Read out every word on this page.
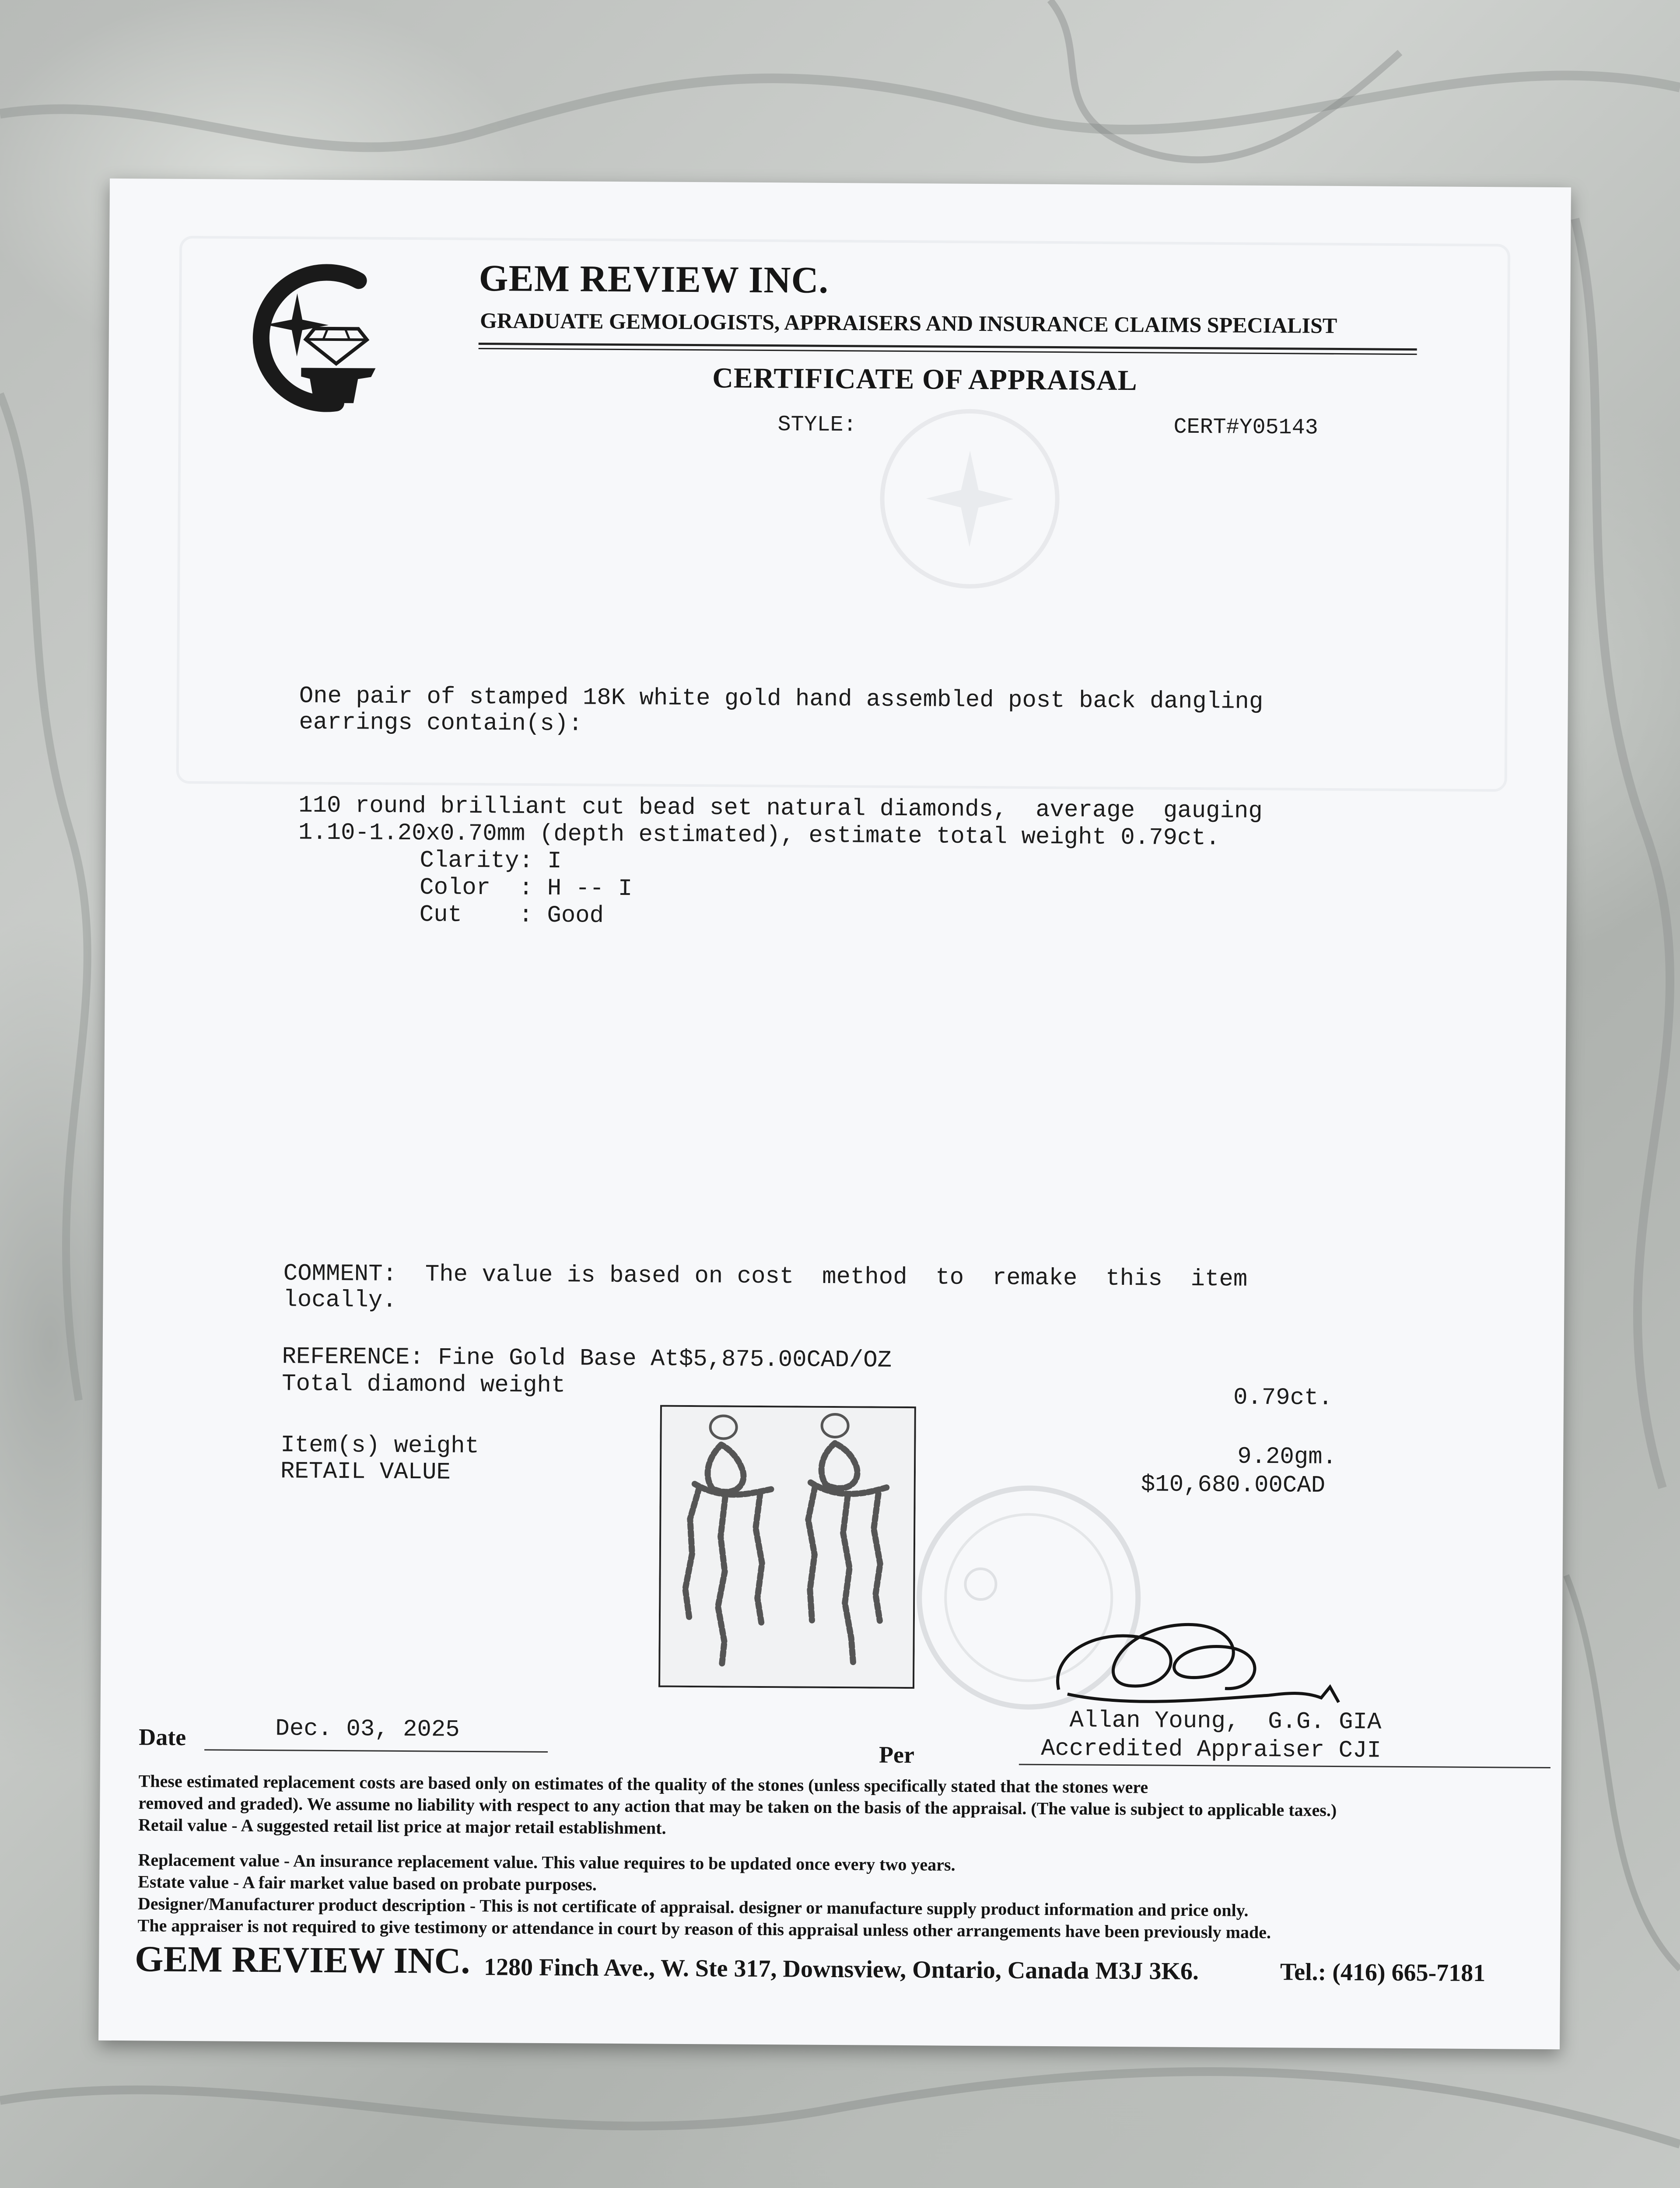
GEM REVIEW INC.
GRADUATE GEMOLOGISTS, APPRAISERS AND INSURANCE CLAIMS SPECIALIST
CERTIFICATE OF APPRAISAL
STYLE:	CERT#Y05143
One pair of stamped 18K white gold hand assembled post back dangling
earrings contain(s):
110 round brilliant cut bead set natural diamonds,  average  gauging
1.10-1.20x0.70mm (depth estimated), estimate total weight 0.79ct.
Clarity: I
Color  : H -- I
Cut    : Good
COMMENT:  The value is based on cost  method  to  remake  this  item
locally.
REFERENCE: Fine Gold Base At$5,875.00CAD/OZ
Total diamond weight	0.79ct.
Item(s) weight	9.20gm.
RETAIL VALUE	$10,680.00CAD
Allan Young,  G.G. GIA
Accredited Appraiser CJI
Date	Dec. 03, 2025
Per
These estimated replacement costs are based only on estimates of the quality of the stones (unless specifically stated that the stones were
removed and graded). We assume no liability with respect to any action that may be taken on the basis of the appraisal. (The value is subject to applicable taxes.)
Retail value - A suggested retail list price at major retail establishment.
Replacement value - An insurance replacement value. This value requires to be updated once every two years.
Estate value - A fair market value based on probate purposes.
Designer/Manufacturer product description - This is not certificate of appraisal. designer or manufacture supply product information and price only.
The appraiser is not required to give testimony or attendance in court by reason of this appraisal unless other arrangements have been previously made.
GEM REVIEW INC. 1280 Finch Ave., W. Ste 317, Downsview, Ontario, Canada M3J 3K6.	Tel.: (416) 665-7181
